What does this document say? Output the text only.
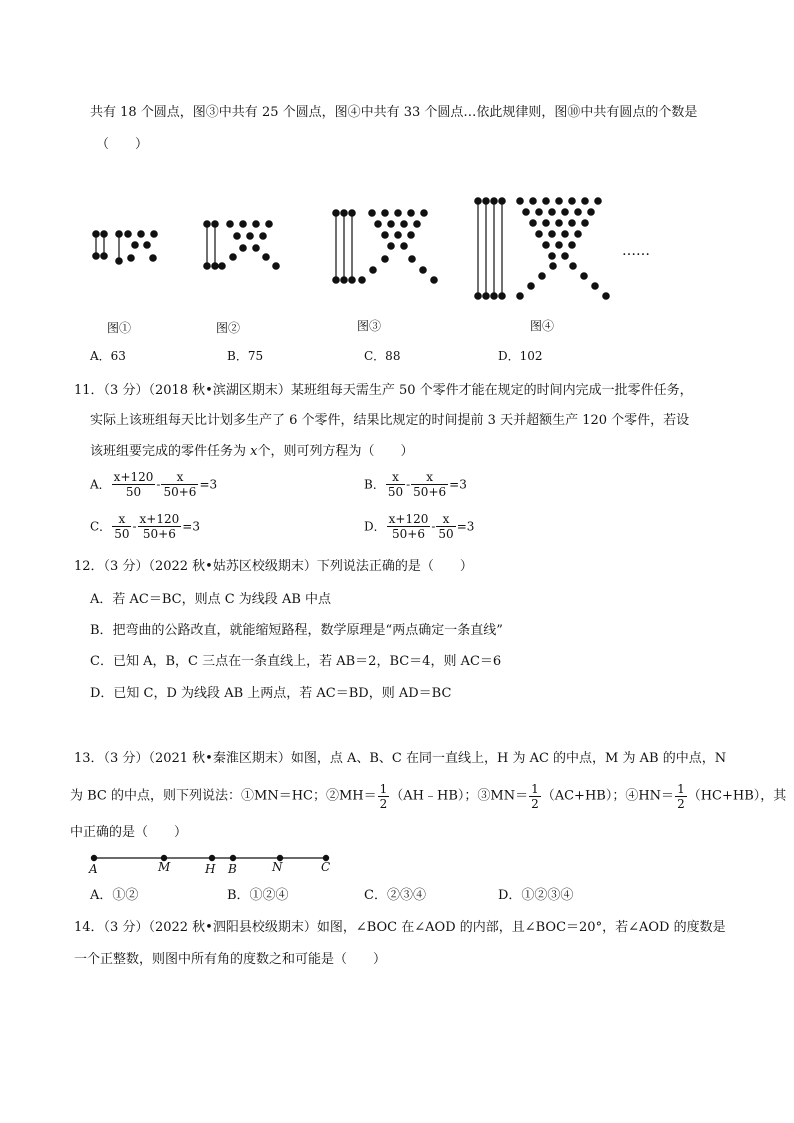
共有 18 个圆点，图③中共有 25 个圆点，图④中共有 33 个圆点…依此规律则，图⑩中共有圆点的个数是
（　　）
……
图①	图②	图③	图④
A．63	B．75	C．88	D．102
11．（3 分）（2018 秋•滨湖区期末）某班组每天需生产 50 个零件才能在规定的时间内完成一批零件任务，
实际上该班组每天比计划多生产了 6 个零件，结果比规定的时间提前 3 天并超额生产 120 个零件，若设
该班组要完成的零件任务为 x个，则可列方程为（　　）
A． $\frac{x+120}{50} - \frac{x}{50+6} =3$	B． $\frac{x}{50} - \frac{x}{50+6} =3$
C． $\frac{x}{50} - \frac{x+120}{50+6} =3$	D． $\frac{x+120}{50+6} - \frac{x}{50} =3$
12．（3 分）（2022 秋•姑苏区校级期末）下列说法正确的是（　　）
A．若 AC＝BC，则点 C 为线段 AB 中点
B．把弯曲的公路改直，就能缩短路程，数学原理是“两点确定一条直线”
C．已知 A，B，C 三点在一条直线上，若 AB＝2，BC＝4，则 AC＝6
D．已知 C，D 为线段 AB 上两点，若 AC＝BD，则 AD＝BC
13．（3 分）（2021 秋•秦淮区期末）如图，点 A、B、C 在同一直线上，H 为 AC 的中点，M 为 AB 的中点，N
为 BC 的中点，则下列说法：①MN＝HC；②MH＝ $\frac{1}{2}$ （AH﹣HB）；③MN＝ $\frac{1}{2} (AC+HB)$；④HN＝ $\frac{1}{2} (HC+HB)$，其
中正确的是（　　）
A	M	H B	N	C
A．①②	B．①②④	C．②③④	D．①②③④
14．（3 分）（2022 秋•泗阳县校级期末）如图，∠BOC 在∠AOD 的内部，且∠BOC＝20°，若∠AOD 的度数是
一个正整数，则图中所有角的度数之和可能是（　　）
